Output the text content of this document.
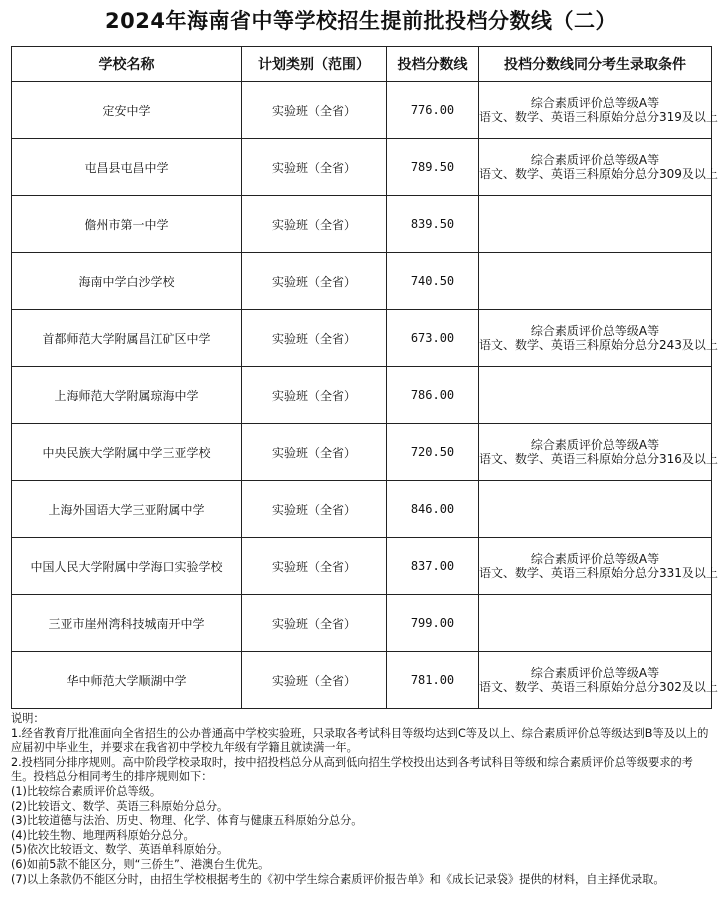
2024年海南省中等学校招生提前批投档分数线（二）
学校名称	计划类别（范围）	投档分数线	投档分数线同分考生录取条件
定安中学	实验班（全省）	776.00	综合素质评价总等级A等
语文、数学、英语三科原始分总分319及以上

屯昌县屯昌中学	实验班（全省）	789.50	综合素质评价总等级A等
语文、数学、英语三科原始分总分309及以上

儋州市第一中学	实验班（全省）	839.50	

海南中学白沙学校	实验班（全省）	740.50	

首都师范大学附属昌江矿区中学	实验班（全省）	673.00	综合素质评价总等级A等
语文、数学、英语三科原始分总分243及以上

上海师范大学附属琼海中学	实验班（全省）	786.00	

中央民族大学附属中学三亚学校	实验班（全省）	720.50	综合素质评价总等级A等
语文、数学、英语三科原始分总分316及以上

上海外国语大学三亚附属中学	实验班（全省）	846.00	

中国人民大学附属中学海口实验学校	实验班（全省）	837.00	综合素质评价总等级A等
语文、数学、英语三科原始分总分331及以上

三亚市崖州湾科技城南开中学	实验班（全省）	799.00	

华中师范大学顺湖中学	实验班（全省）	781.00	综合素质评价总等级A等
语文、数学、英语三科原始分总分302及以上

说明：

1.经省教育厅批准面向全省招生的公办普通高中学校实验班，只录取各考试科目等级均达到C等及以上、综合素质评价总等级达到B等及以上的应届初中毕业生，并要求在我省初中学校九年级有学籍且就读满一年。

2.投档同分排序规则。高中阶段学校录取时，按中招投档总分从高到低向招生学校投出达到各考试科目等级和综合素质评价总等级要求的考生。投档总分相同考生的排序规则如下：

(1)比较综合素质评价总等级。

(2)比较语文、数学、英语三科原始分总分。

(3)比较道德与法治、历史、物理、化学、体育与健康五科原始分总分。

(4)比较生物、地理两科原始分总分。

(5)依次比较语文、数学、英语单科原始分。

(6)如前5款不能区分，则“三侨生”、港澳台生优先。

(7)以上条款仍不能区分时，由招生学校根据考生的《初中学生综合素质评价报告单》和《成长记录袋》提供的材料，自主择优录取。
